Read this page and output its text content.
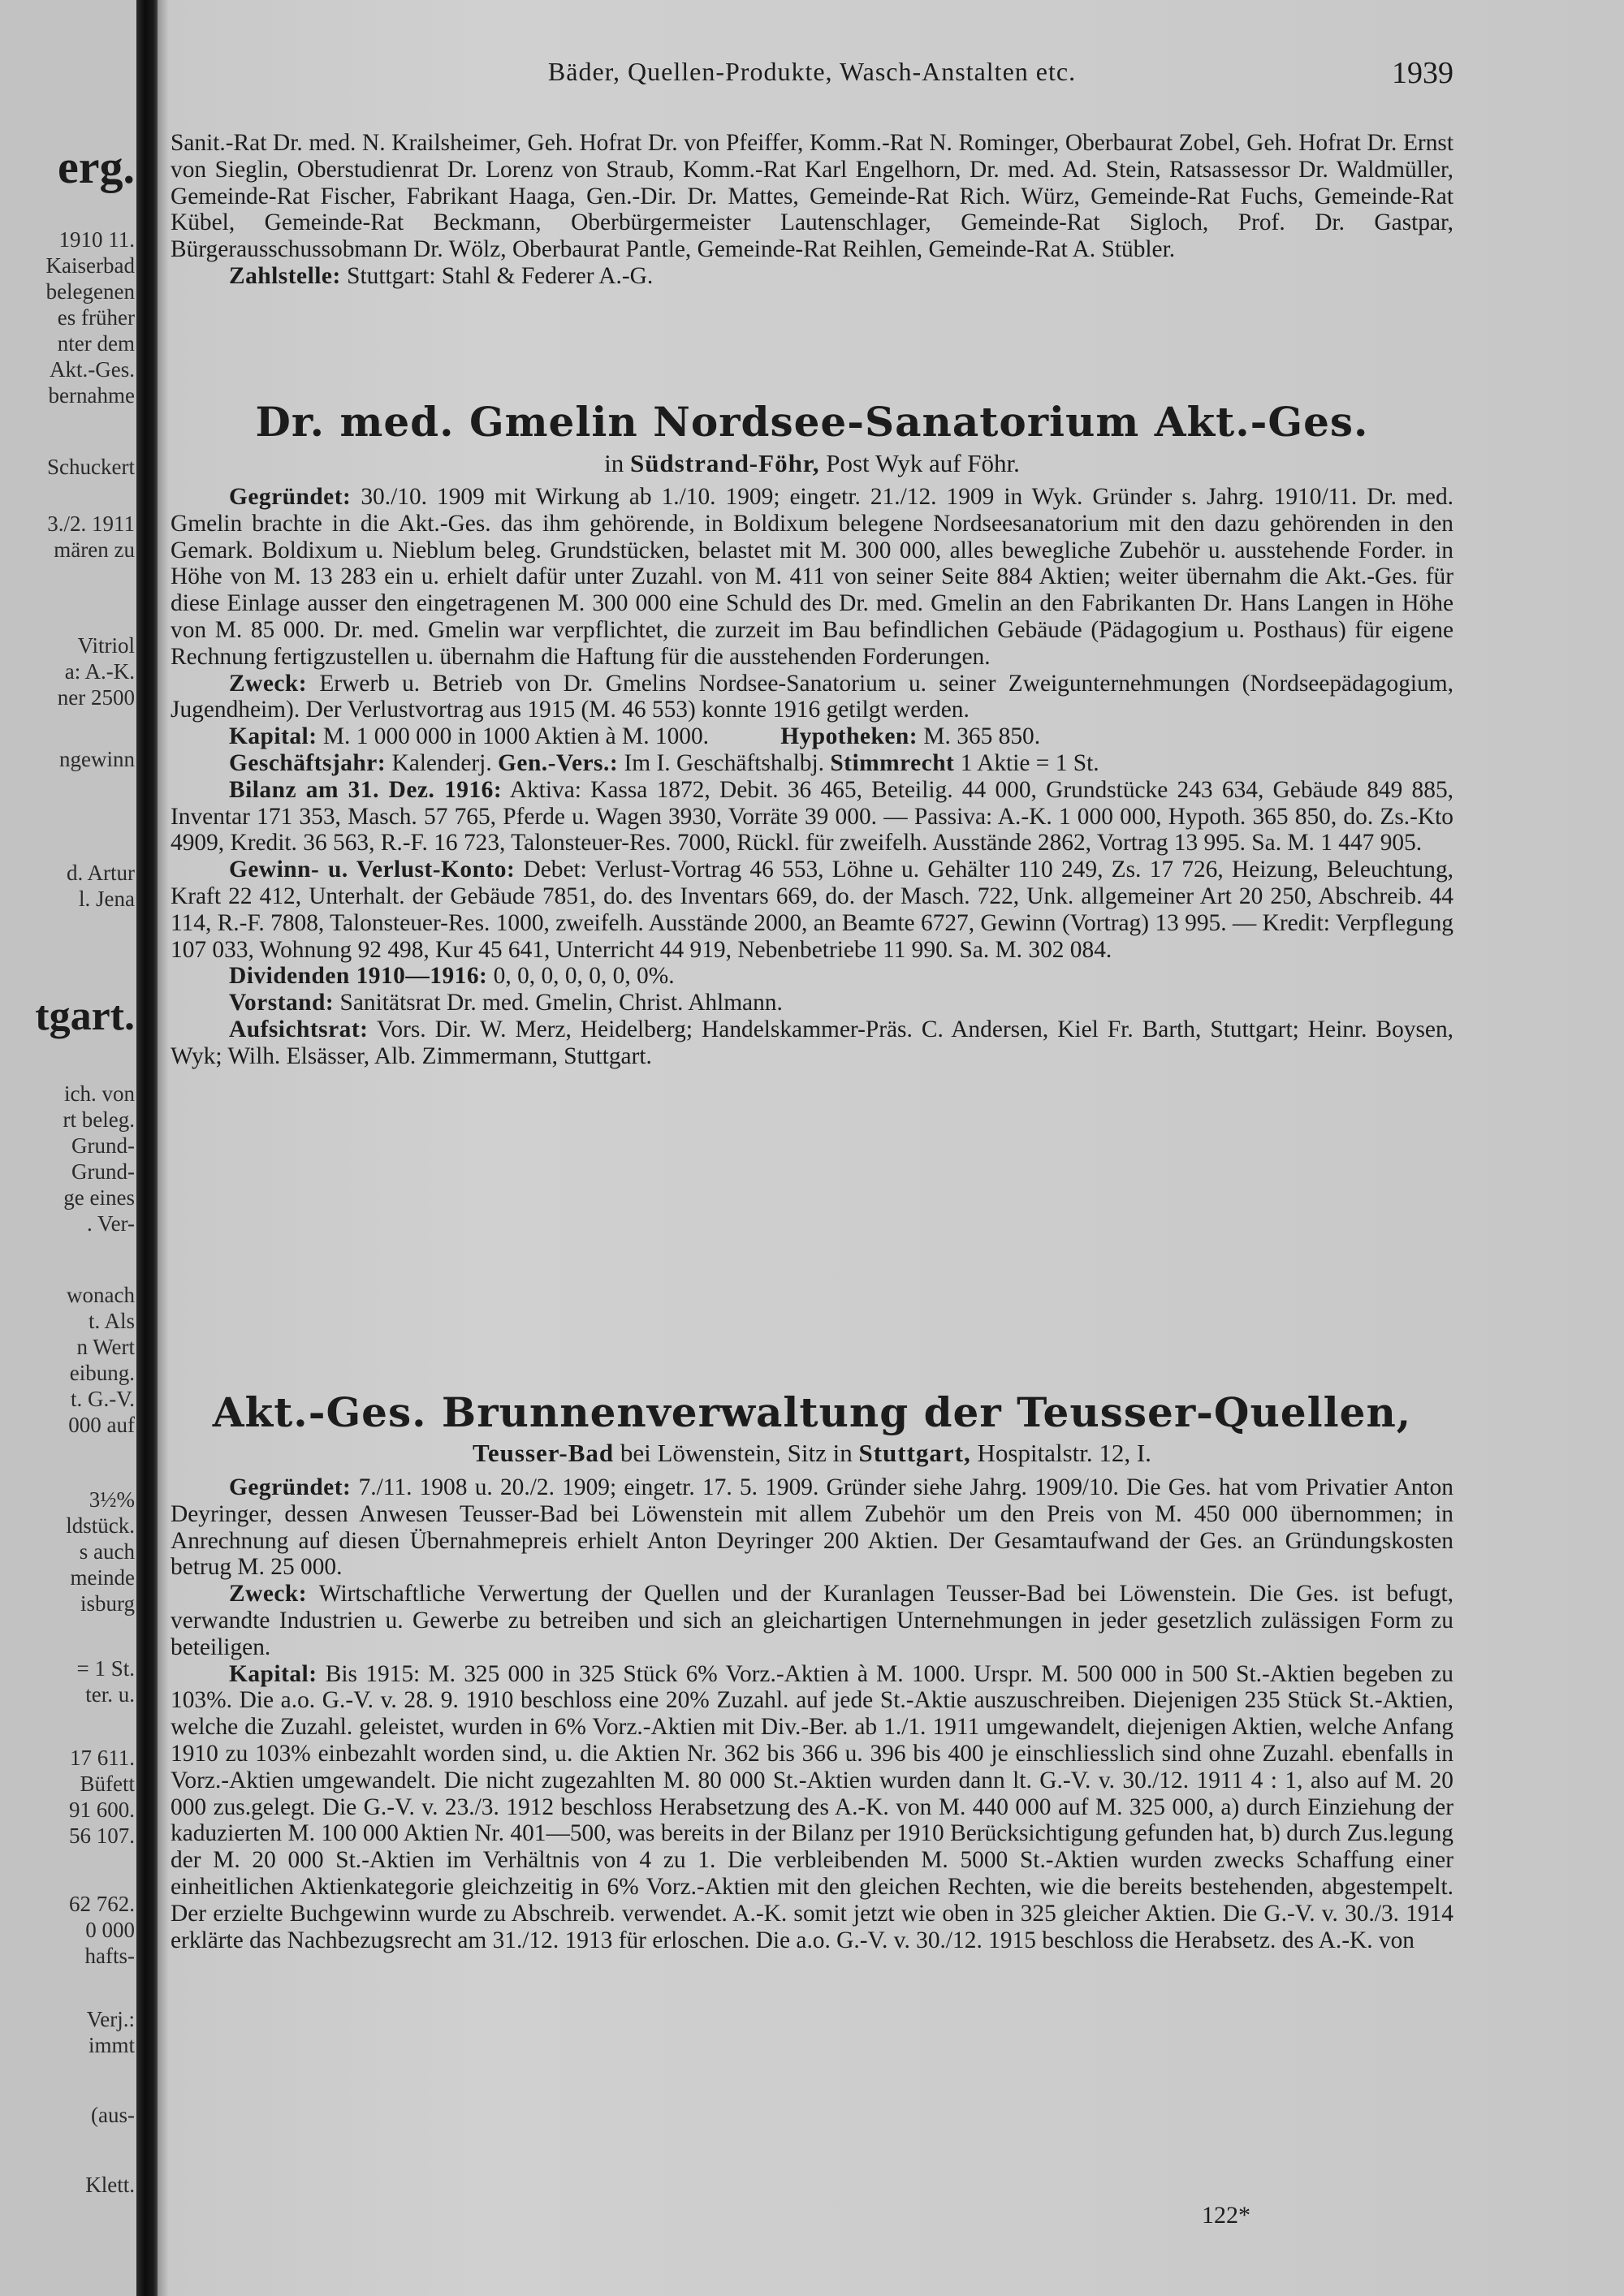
erg.
tgart.
1910 11.
Kaiserbad
belegenen
es früher
nter dem
Akt.-Ges.
bernahme
Schuckert
3./2. 1911
mären zu
Vitriol
a: A.-K.
ner 2500
ngewinn
d. Artur
l. Jena
ich. von
rt beleg.
Grund-
Grund-
ge eines
. Ver-
wonach
t. Als
n Wert
eibung.
t. G.-V.
000 auf
3½%
ldstück.
s auch
meinde
isburg
= 1 St.
ter. u.
17 611.
Büfett
91 600.
56 107.
62 762.
0 000
hafts-
Verj.:
immt
(aus-
Klett.
Bäder, Quellen-Produkte, Wasch-Anstalten etc.	1939

Sanit.-Rat Dr. med. N. Krailsheimer, Geh. Hofrat Dr. von Pfeiffer, Komm.-Rat N. Rominger, Oberbaurat Zobel, Geh. Hofrat Dr. Ernst von Sieglin, Oberstudienrat Dr. Lorenz von Straub, Komm.-Rat Karl Engelhorn, Dr. med. Ad. Stein, Ratsassessor Dr. Waldmüller, Gemeinde-Rat Fischer, Fabrikant Haaga, Gen.-Dir. Dr. Mattes, Gemeinde-Rat Rich. Würz, Gemeinde-Rat Fuchs, Gemeinde-Rat Kübel, Gemeinde-Rat Beckmann, Oberbürgermeister Lautenschlager, Gemeinde-Rat Sigloch, Prof. Dr. Gastpar, Bürgerausschussobmann Dr. Wölz, Oberbaurat Pantle, Gemeinde-Rat Reihlen, Gemeinde-Rat A. Stübler.

Zahlstelle: Stuttgart: Stahl & Federer A.-G.

Dr. med. Gmelin Nordsee-Sanatorium Akt.-Ges.
in Südstrand-Föhr, Post Wyk auf Föhr.

Gegründet: 30./10. 1909 mit Wirkung ab 1./10. 1909; eingetr. 21./12. 1909 in Wyk. Gründer s. Jahrg. 1910/11. Dr. med. Gmelin brachte in die Akt.-Ges. das ihm gehörende, in Boldixum belegene Nordseesanatorium mit den dazu gehörenden in den Gemark. Boldixum u. Nieblum beleg. Grundstücken, belastet mit M. 300 000, alles bewegliche Zubehör u. ausstehende Forder. in Höhe von M. 13 283 ein u. erhielt dafür unter Zuzahl. von M. 411 von seiner Seite 884 Aktien; weiter übernahm die Akt.-Ges. für diese Einlage ausser den eingetragenen M. 300 000 eine Schuld des Dr. med. Gmelin an den Fabrikanten Dr. Hans Langen in Höhe von M. 85 000. Dr. med. Gmelin war verpflichtet, die zurzeit im Bau befindlichen Gebäude (Pädagogium u. Posthaus) für eigene Rechnung fertigzustellen u. übernahm die Haftung für die ausstehenden Forderungen.

Zweck: Erwerb u. Betrieb von Dr. Gmelins Nordsee-Sanatorium u. seiner Zweigunternehmungen (Nordseepädagogium, Jugendheim). Der Verlustvortrag aus 1915 (M. 46 553) konnte 1916 getilgt werden.

Kapital: M. 1 000 000 in 1000 Aktien à M. 1000.	Hypotheken: M. 365 850.

Geschäftsjahr: Kalenderj. Gen.-Vers.: Im I. Geschäftshalbj. Stimmrecht 1 Aktie = 1 St.

Bilanz am 31. Dez. 1916: Aktiva: Kassa 1872, Debit. 36 465, Beteilig. 44 000, Grundstücke 243 634, Gebäude 849 885, Inventar 171 353, Masch. 57 765, Pferde u. Wagen 3930, Vorräte 39 000. — Passiva: A.-K. 1 000 000, Hypoth. 365 850, do. Zs.-Kto 4909, Kredit. 36 563, R.-F. 16 723, Talonsteuer-Res. 7000, Rückl. für zweifelh. Ausstände 2862, Vortrag 13 995. Sa. M. 1 447 905.

Gewinn- u. Verlust-Konto: Debet: Verlust-Vortrag 46 553, Löhne u. Gehälter 110 249, Zs. 17 726, Heizung, Beleuchtung, Kraft 22 412, Unterhalt. der Gebäude 7851, do. des Inventars 669, do. der Masch. 722, Unk. allgemeiner Art 20 250, Abschreib. 44 114, R.-F. 7808, Talonsteuer-Res. 1000, zweifelh. Ausstände 2000, an Beamte 6727, Gewinn (Vortrag) 13 995. — Kredit: Verpflegung 107 033, Wohnung 92 498, Kur 45 641, Unterricht 44 919, Nebenbetriebe 11 990. Sa. M. 302 084.

Dividenden 1910—1916: 0, 0, 0, 0, 0, 0, 0%.

Vorstand: Sanitätsrat Dr. med. Gmelin, Christ. Ahlmann.

Aufsichtsrat: Vors. Dir. W. Merz, Heidelberg; Handelskammer-Präs. C. Andersen, Kiel Fr. Barth, Stuttgart; Heinr. Boysen, Wyk; Wilh. Elsässer, Alb. Zimmermann, Stuttgart.

Akt.-Ges. Brunnenverwaltung der Teusser-Quellen,
Teusser-Bad bei Löwenstein, Sitz in Stuttgart, Hospitalstr. 12, I.

Gegründet: 7./11. 1908 u. 20./2. 1909; eingetr. 17. 5. 1909. Gründer siehe Jahrg. 1909/10. Die Ges. hat vom Privatier Anton Deyringer, dessen Anwesen Teusser-Bad bei Löwenstein mit allem Zubehör um den Preis von M. 450 000 übernommen; in Anrechnung auf diesen Übernahmepreis erhielt Anton Deyringer 200 Aktien. Der Gesamtaufwand der Ges. an Gründungskosten betrug M. 25 000.

Zweck: Wirtschaftliche Verwertung der Quellen und der Kuranlagen Teusser-Bad bei Löwenstein. Die Ges. ist befugt, verwandte Industrien u. Gewerbe zu betreiben und sich an gleichartigen Unternehmungen in jeder gesetzlich zulässigen Form zu beteiligen.

Kapital: Bis 1915: M. 325 000 in 325 Stück 6% Vorz.-Aktien à M. 1000. Urspr. M. 500 000 in 500 St.-Aktien begeben zu 103%. Die a.o. G.-V. v. 28. 9. 1910 beschloss eine 20% Zuzahl. auf jede St.-Aktie auszuschreiben. Diejenigen 235 Stück St.-Aktien, welche die Zuzahl. geleistet, wurden in 6% Vorz.-Aktien mit Div.-Ber. ab 1./1. 1911 umgewandelt, diejenigen Aktien, welche Anfang 1910 zu 103% einbezahlt worden sind, u. die Aktien Nr. 362 bis 366 u. 396 bis 400 je einschliesslich sind ohne Zuzahl. ebenfalls in Vorz.-Aktien umgewandelt. Die nicht zugezahlten M. 80 000 St.-Aktien wurden dann lt. G.-V. v. 30./12. 1911 4 : 1, also auf M. 20 000 zus.gelegt. Die G.-V. v. 23./3. 1912 beschloss Herabsetzung des A.-K. von M. 440 000 auf M. 325 000, a) durch Einziehung der kaduzierten M. 100 000 Aktien Nr. 401—500, was bereits in der Bilanz per 1910 Berücksichtigung gefunden hat, b) durch Zus.legung der M. 20 000 St.-Aktien im Verhältnis von 4 zu 1. Die verbleibenden M. 5000 St.-Aktien wurden zwecks Schaffung einer einheitlichen Aktienkategorie gleichzeitig in 6% Vorz.-Aktien mit den gleichen Rechten, wie die bereits bestehenden, abgestempelt. Der erzielte Buchgewinn wurde zu Abschreib. verwendet. A.-K. somit jetzt wie oben in 325 gleicher Aktien. Die G.-V. v. 30./3. 1914 erklärte das Nachbezugsrecht am 31./12. 1913 für erloschen. Die a.o. G.-V. v. 30./12. 1915 beschloss die Herabsetz. des A.-K. von

122*
